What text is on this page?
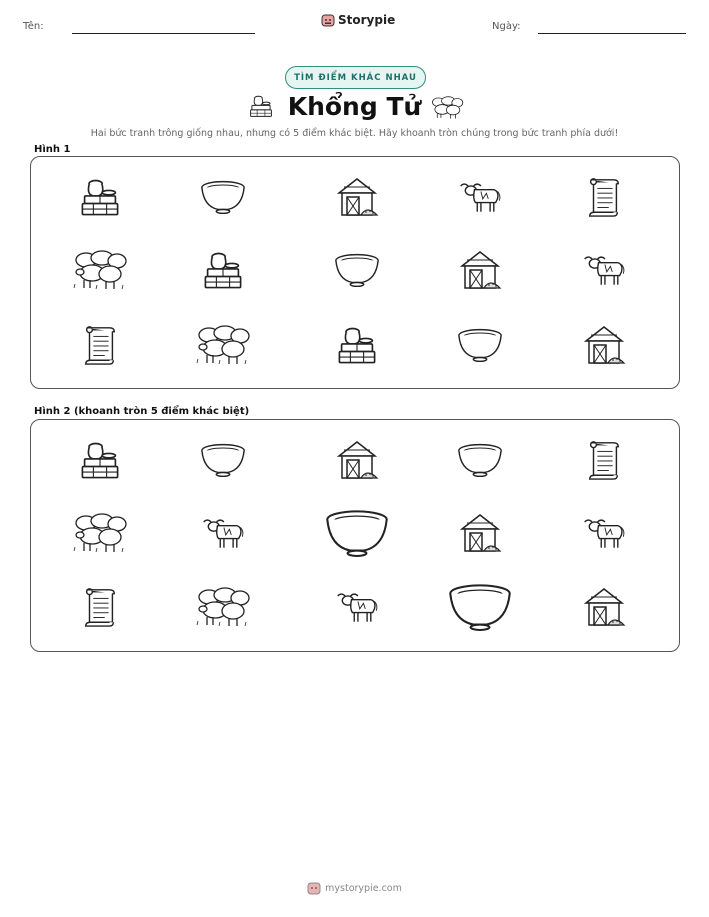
Tên:	Storypie	Ngày:
TÌM ĐIỂM KHÁC NHAU
Khổng Tử
Hai bức tranh trông giống nhau, nhưng có 5 điểm khác biệt. Hãy khoanh tròn chúng trong bức tranh phía dưới!
Hình 1
Hình 2 (khoanh tròn 5 điểm khác biệt)
mystorypie.com
